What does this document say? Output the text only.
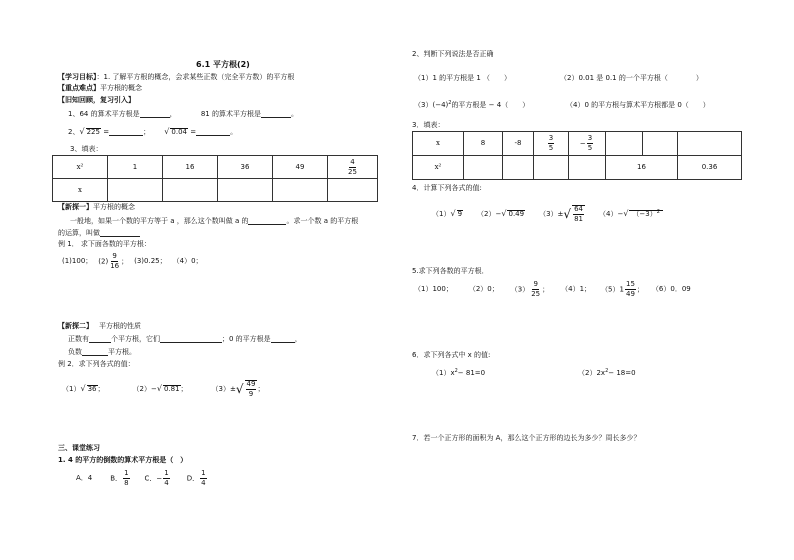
6.1 平方根(2)
【学习目标】：1. 了解平方根的概念，会求某些正数（完全平方数）的平方根
【重点难点】平方根的概念
【旧知回顾，复习引入】
1、64 的算术平方根是	，	81 的算术平方根是	。
2、√ 225 =	； √ 0.04 =	。
3、填表：
x²	1	16	36	49	$\frac{4}{25}$

x					
【新探一】平方根的概念
一般地，如果一个数的平方等于 a ，那么这个数叫做 a 的	。求一个数 a 的平方根
的运算，叫做
例 1． 求下面各数的平方根：
(1)100； $(2) \frac{9}{16}$ ； (3)0.25； （4）0；
【新探二】 平方根的性质
正数有	个平方根，它们	；0 的平方根是	，
负数	平方根。
例 2．求下列各式的值：
（1）√ 36；	（2）−√ 0.81；	（3）± √ $\frac{49}{9}$ ；
三、课堂练习
1. 4 的平方的倒数的算术平方根是（　）
A．4	B． $\frac{1}{8}$ C．− $\frac{1}{4}$ D． $\frac{1}{4}$
2、判断下列说法是否正确
（1）1 的平方根是 1 （　　）	（2）0.01 是 0.1 的一个平方根（　　　　）
$(3)(-4)^2$的平方根是 − 4（　　）	（4）0 的平方根与算术平方根都是 0（　　）
3．填表：
x	8	-8	$\frac{3}{5}$	− $\frac{3}{5}$

x²					16		0.36
4．计算下列各式的值:
（1）√ 9 （2）−√ 0.49 （3）± √ $\frac{64}{81} (4)-√$ $(-3)^2$
5.求下列各数的平方根．
（1）100； （2）0； $(3) \frac{9}{25}$ ； （4）1； $(5)1 \frac{15}{49}$ ； （6）0．09
6．求下列各式中 x 的值:
$(1)x^2- 81=0$	$(2)2x^2- 18=0$
7．若一个正方形的面积为 A，那么这个正方形的边长为多少？周长多少？
